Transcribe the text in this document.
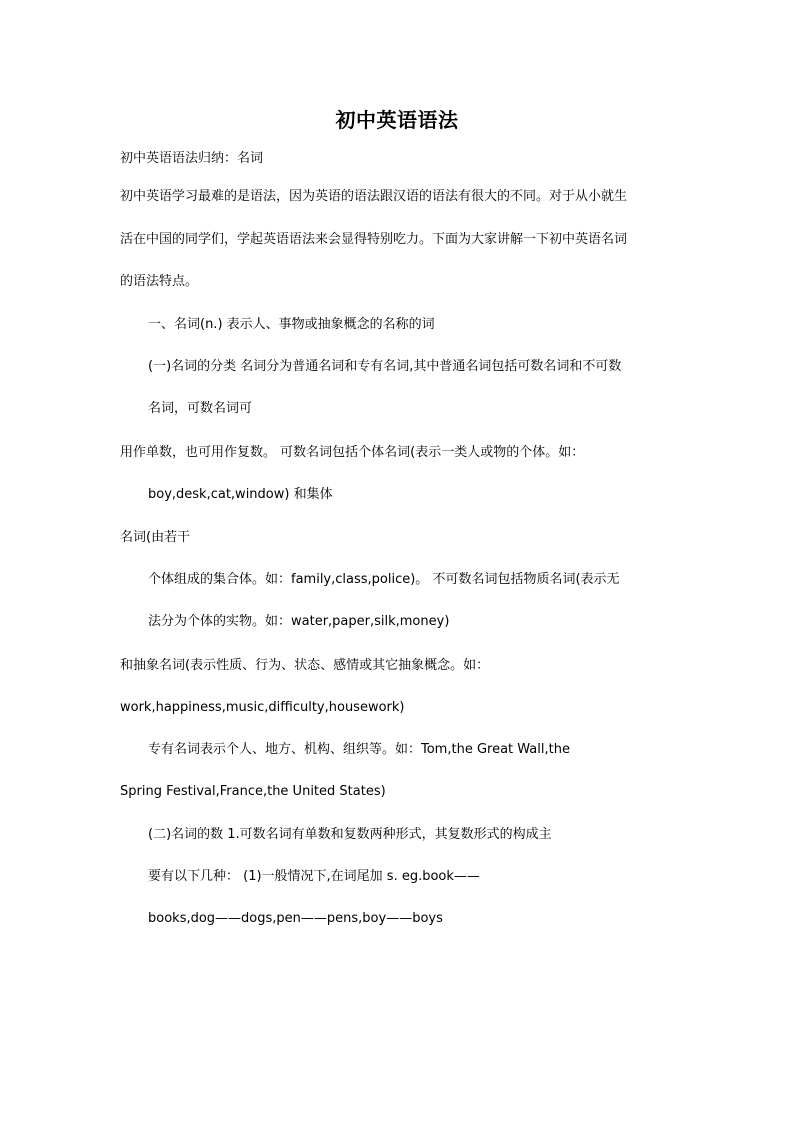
初中英语语法
初中英语语法归纳：名词
初中英语学习最难的是语法，因为英语的语法跟汉语的语法有很大的不同。对于从小就生
活在中国的同学们，学起英语语法来会显得特别吃力。下面为大家讲解一下初中英语名词
的语法特点。
一、名词(n.) 表示人、事物或抽象概念的名称的词
(一)名词的分类 名词分为普通名词和专有名词,其中普通名词包括可数名词和不可数
名词，可数名词可
用作单数，也可用作复数。 可数名词包括个体名词(表示一类人或物的个体。如：
boy,desk,cat,window) 和集体
名词(由若干
个体组成的集合体。如：family,class,police)。 不可数名词包括物质名词(表示无
法分为个体的实物。如：water,paper,silk,money)
和抽象名词(表示性质、行为、状态、感情或其它抽象概念。如：
work,happiness,music,difficulty,housework)
专有名词表示个人、地方、机构、组织等。如：Tom,the Great Wall,the
Spring Festival,France,the United States)
(二)名词的数 1.可数名词有单数和复数两种形式，其复数形式的构成主
要有以下几种： (1)一般情况下,在词尾加 s. eg.book——
books,dog——dogs,pen——pens,boy——boys
